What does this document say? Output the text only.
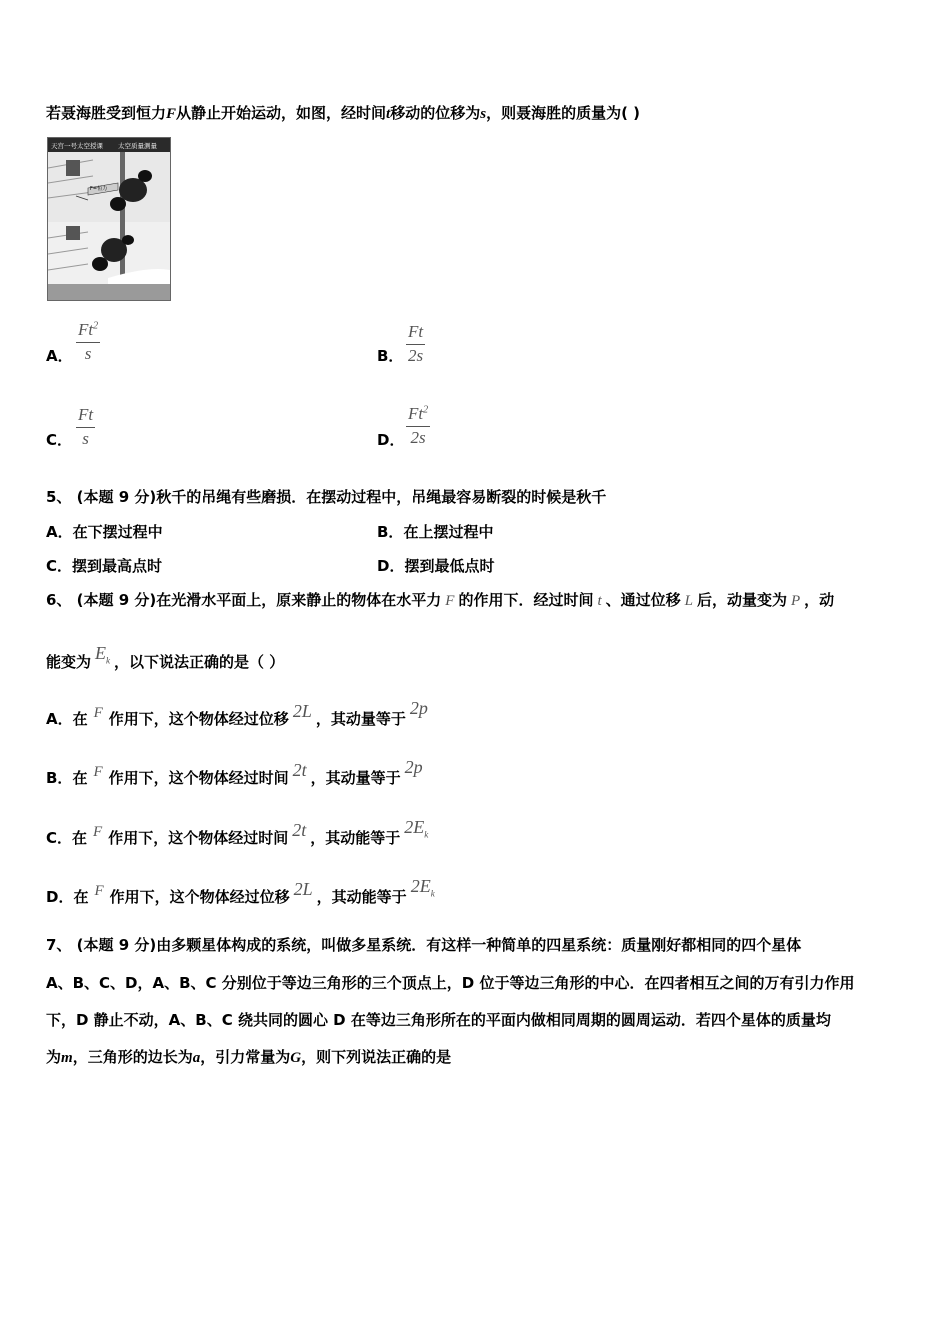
若聂海胜受到恒力F从静止开始运动，如图，经时间t移动的位移为s，则聂海胜的质量为( )
天宫一号太空授课 太空质量测量
F=恒力
A． $\frac{Ft^2}{s}$	B． $\frac{Ft}{2s}$
C． $\frac{Ft}{s}$	D． $\frac{Ft^2}{2s}$
5、 (本题 9 分)秋千的吊绳有些磨损．在摆动过程中，吊绳最容易断裂的时候是秋千
A．在下摆过程中	B．在上摆过程中
C．摆到最高点时	D．摆到最低点时
6、 (本题 9 分)在光滑水平面上，原来静止的物体在水平力 F 的作用下．经过时间 t 、通过位移 L 后，动量变为 P ，动
能变为 $E_k$ ，以下说法正确的是（ ）
A．在 F 作用下，这个物体经过位移 2L ，其动量等于2p
B．在 F 作用下，这个物体经过时间 2t ，其动量等于2p
C．在 F 作用下，这个物体经过时间 2t ，其动能等于$2E_k$
D．在 F 作用下，这个物体经过位移 2L ，其动能等于$2E_k$
7、 (本题 9 分)由多颗星体构成的系统，叫做多星系统．有这样一种简单的四星系统：质量刚好都相同的四个星体
A、B、C、D，A、B、C 分别位于等边三角形的三个顶点上，D 位于等边三角形的中心．在四者相互之间的万有引力作用
下，D 静止不动，A、B、C 绕共同的圆心 D 在等边三角形所在的平面内做相同周期的圆周运动．若四个星体的质量均
为m，三角形的边长为a，引力常量为G，则下列说法正确的是
